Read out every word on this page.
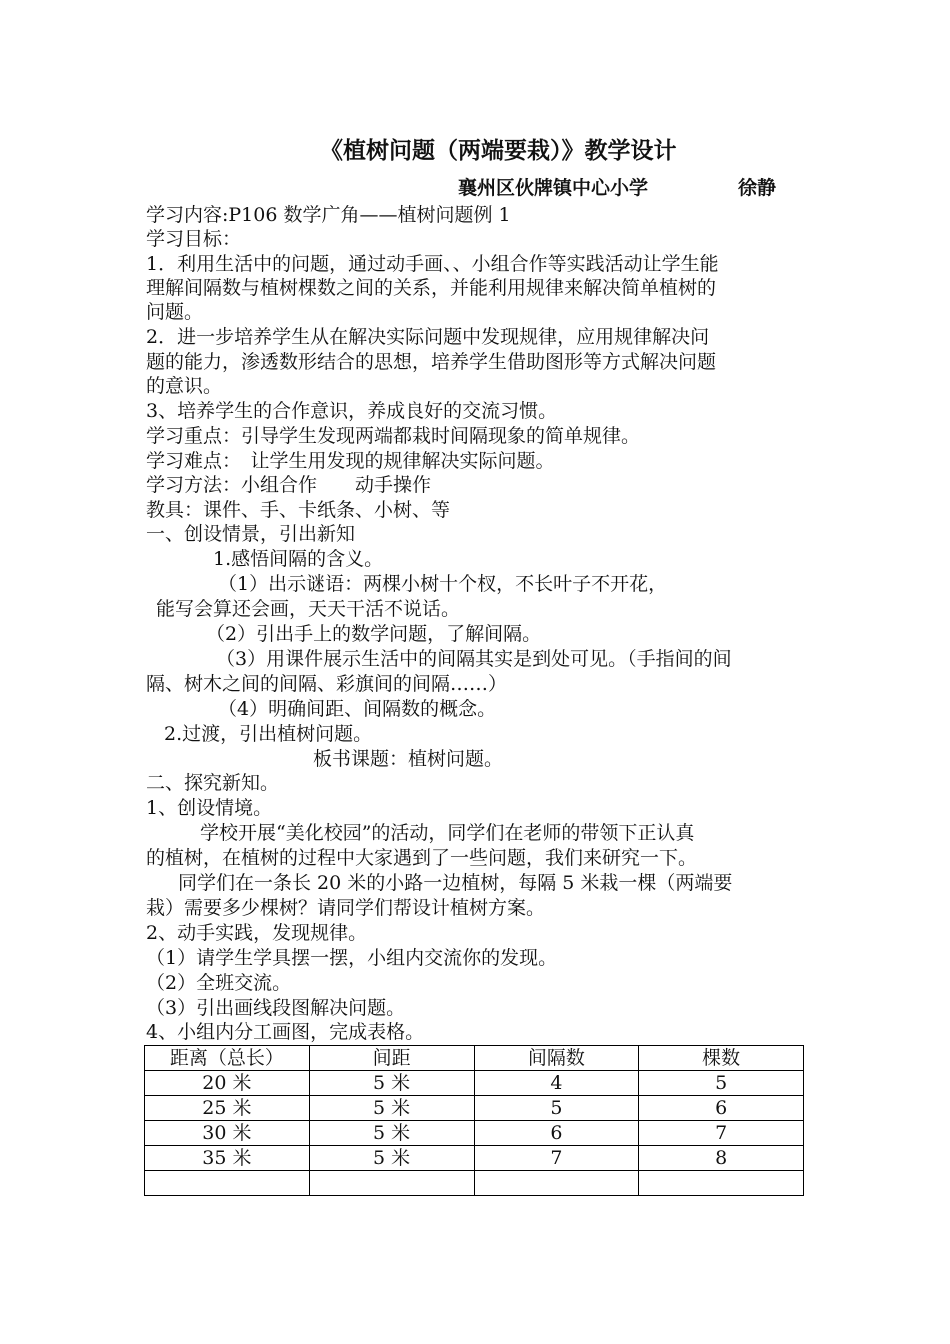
《植树问题（两端要栽）》教学设计
襄州区伙牌镇中心小学	徐静
学习内容:P106 数学广角——植树问题例 1
学习目标：
1．利用生活中的问题，通过动手画、、小组合作等实践活动让学生能
理解间隔数与植树棵数之间的关系，并能利用规律来解决简单植树的
问题。
2．进一步培养学生从在解决实际问题中发现规律，应用规律解决问
题的能力，渗透数形结合的思想，培养学生借助图形等方式解决问题
的意识。
3、培养学生的合作意识，养成良好的交流习惯。
学习重点：引导学生发现两端都栽时间隔现象的简单规律。
学习难点：　让学生用发现的规律解决实际问题。
学习方法：小组合作　　动手操作
教具：课件、手、卡纸条、小树、等
一、创设情景，引出新知
1.感悟间隔的含义。
（1）出示谜语：两棵小树十个杈，不长叶子不开花，
能写会算还会画，天天干活不说话。
（2）引出手上的数学问题，了解间隔。
（3）用课件展示生活中的间隔其实是到处可见。（手指间的间
隔、树木之间的间隔、彩旗间的间隔……）
（4）明确间距、间隔数的概念。
2.过渡，引出植树问题。
板书课题：植树问题。
二、探究新知。
1、创设情境。
学校开展“美化校园”的活动，同学们在老师的带领下正认真
的植树，在植树的过程中大家遇到了一些问题，我们来研究一下。
同学们在一条长 20 米的小路一边植树，每隔 5 米栽一棵（两端要
栽）需要多少棵树？请同学们帮设计植树方案。
2、动手实践，发现规律。
（1）请学生学具摆一摆，小组内交流你的发现。
（2）全班交流。
（3）引出画线段图解决问题。
4、小组内分工画图，完成表格。
距离（总长）	间距	间隔数	棵数
20 米	5 米	4	5
25 米	5 米	5	6
30 米	5 米	6	7
35 米	5 米	7	8
